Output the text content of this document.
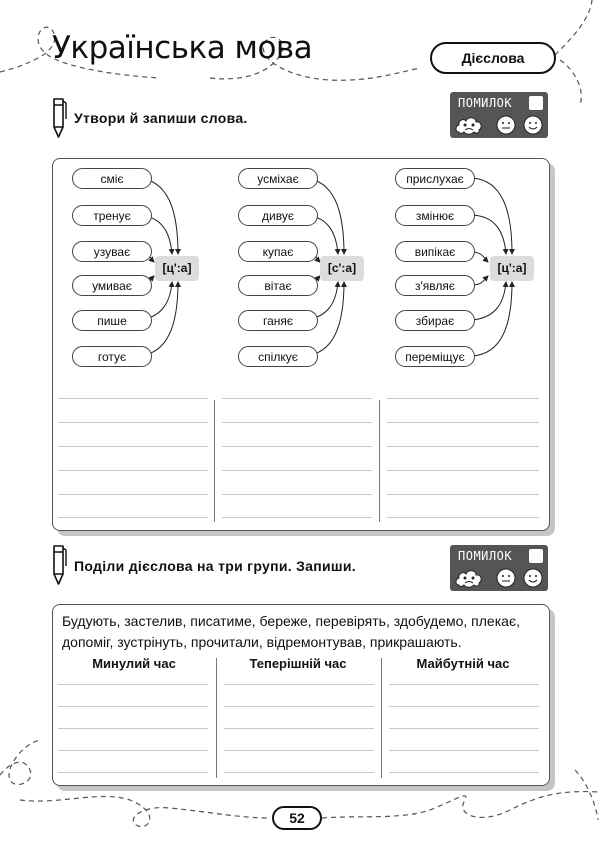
Українська мова	Дієслова
Утвори й запиши слова.
ПОМИЛОК
сміє
тренує
узуває
умиває
пише
готує
[ц':а]
усміхає
дивує
купає
вітає
ганяє
спілкує
[с':а]
прислухає
змінює
випікає
з'являє
збирає
переміщує
[ц':а]
Поділи дієслова на три групи. Запиши.
ПОМИЛОК
Будують, застелив, писатиме, береже, перевірять, здобудемо, плекає,
допоміг, зустрінуть, прочитали, відремонтував, прикрашають.
Минулий час	Теперішній час	Майбутній час
52
